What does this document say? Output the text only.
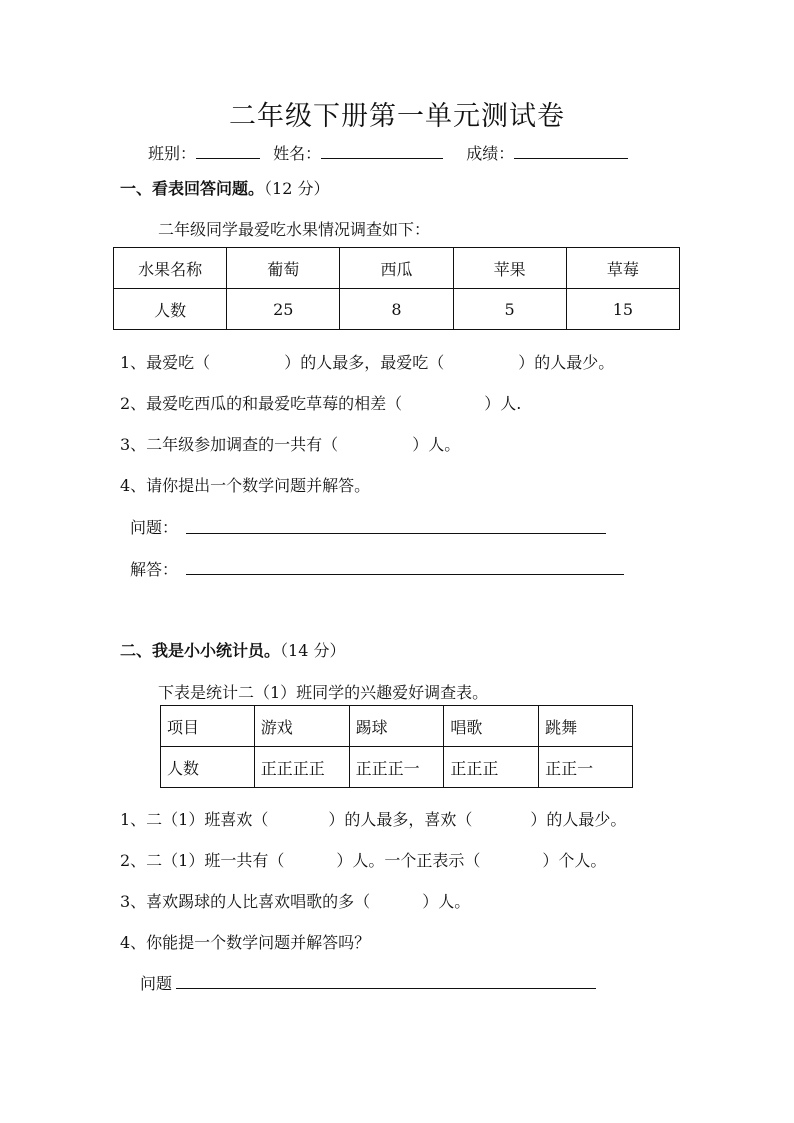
二年级下册第一单元测试卷
班别：	姓名：	成绩：
一、看表回答问题。（12 分）
二年级同学最爱吃水果情况调查如下：
水果名称	葡萄	西瓜	苹果	草莓
人数	25	8	5	15
1、最爱吃（	）的人最多，最爱吃（	）的人最少。
2、最爱吃西瓜的和最爱吃草莓的相差（	）人.
3、二年级参加调查的一共有（	）人。
4、请你提出一个数学问题并解答。
问题：
解答：
二、我是小小统计员。（14 分）
下表是统计二（1）班同学的兴趣爱好调查表。
项目	游戏	踢球	唱歌	跳舞
人数	正正正正	正正正一	正正正	正正一
1、二（1）班喜欢（	）的人最多，喜欢（	）的人最少。
2、二（1）班一共有（	）人。一个正表示（	）个人。
3、喜欢踢球的人比喜欢唱歌的多（	）人。
4、你能提一个数学问题并解答吗？
问题
